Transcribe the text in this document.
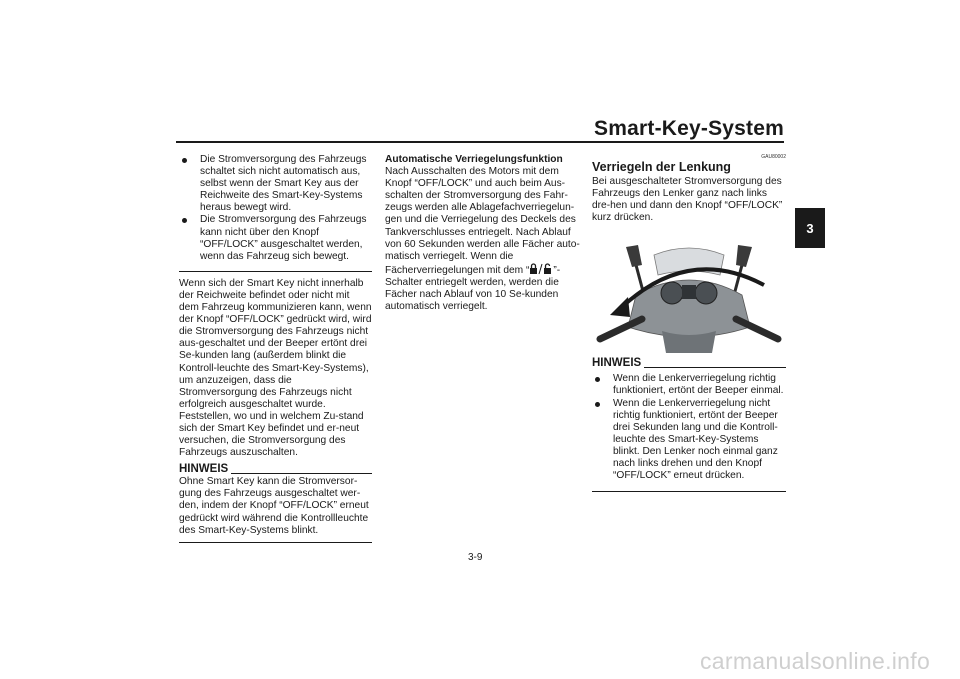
Smart-Key-System
3
Die Stromversorgung des Fahrzeugs schaltet sich nicht automatisch aus, selbst wenn der Smart Key aus der Reichweite des Smart-Key-Systems heraus bewegt wird.
Die Stromversorgung des Fahrzeugs kann nicht über den Knopf “OFF/LOCK” ausgeschaltet werden, wenn das Fahrzeug sich bewegt.

Wenn sich der Smart Key nicht innerhalb der Reichweite befindet oder nicht mit dem Fahrzeug kommunizieren kann, wenn der Knopf “OFF/LOCK” gedrückt wird, wird die Stromversorgung des Fahrzeugs nicht aus-geschaltet und der Beeper ertönt drei Se-kunden lang (außerdem blinkt die Kontroll-leuchte des Smart-Key-Systems), um anzuzeigen, dass die Stromversorgung des Fahrzeugs nicht erfolgreich ausgeschaltet wurde. Feststellen, wo und in welchem Zu-stand sich der Smart Key befindet und er-neut versuchen, die Stromversorgung des Fahrzeugs auszuschalten.

HINWEIS

Ohne Smart Key kann die Stromversor-gung des Fahrzeugs ausgeschaltet wer-den, indem der Knopf “OFF/LOCK” erneut gedrückt wird während die Kontrollleuchte des Smart-Key-Systems blinkt.

Automatische Verriegelungsfunktion

Nach Ausschalten des Motors mit dem Knopf “OFF/LOCK” und auch beim Aus-schalten der Stromversorgung des Fahr-zeugs werden alle Ablagefachverriegelun-gen und die Verriegelung des Deckels des Tankverschlusses entriegelt. Nach Ablauf von 60 Sekunden werden alle Fächer auto-matisch verriegelt. Wenn die Fächerverriegelungen mit dem “ ”-Schalter entriegelt werden, werden die Fächer nach Ablauf von 10 Se-kunden automatisch verriegelt.

GAU80002
Verriegeln der Lenkung

Bei ausgeschalteter Stromversorgung des Fahrzeugs den Lenker ganz nach links dre-hen und dann den Knopf “OFF/LOCK” kurz drücken.

HINWEIS
Wenn die Lenkerverriegelung richtig funktioniert, ertönt der Beeper einmal.
Wenn die Lenkerverriegelung nicht richtig funktioniert, ertönt der Beeper drei Sekunden lang und die Kontroll-leuchte des Smart-Key-Systems blinkt. Den Lenker noch einmal ganz nach links drehen und den Knopf “OFF/LOCK” erneut drücken.
3-9
carmanualsonline.info
